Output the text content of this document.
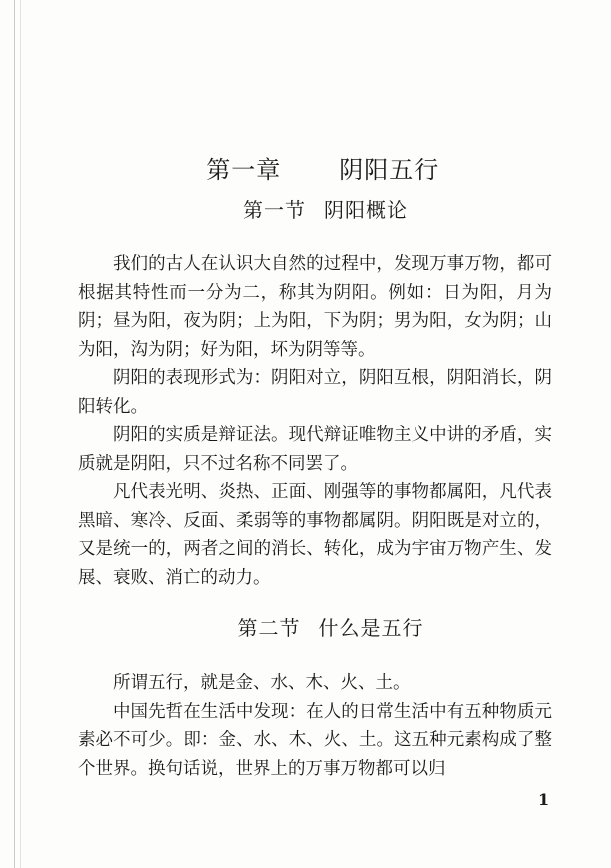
第一章 阴阳五行

第一节 阴阳概论

我们的古人在认识大自然的过程中，发现万事万物，都可根据其特性而一分为二，称其为阴阳。例如：日为阳，月为阴；昼为阳，夜为阴；上为阳，下为阴；男为阳，女为阴；山为阳，沟为阴；好为阳，坏为阴等等。

阴阳的表现形式为：阴阳对立，阴阳互根，阴阳消长，阴阳转化。

阴阳的实质是辩证法。现代辩证唯物主义中讲的矛盾，实质就是阴阳，只不过名称不同罢了。

凡代表光明、炎热、正面、刚强等的事物都属阳，凡代表黑暗、寒冷、反面、柔弱等的事物都属阴。阴阳既是对立的，又是统一的，两者之间的消长、转化，成为宇宙万物产生、发展、衰败、消亡的动力。

第二节 什么是五行

所谓五行，就是金、水、木、火、土。

中国先哲在生活中发现：在人的日常生活中有五种物质元素必不可少。即：金、水、木、火、土。这五种元素构成了整个世界。换句话说，世界上的万事万物都可以归

1
